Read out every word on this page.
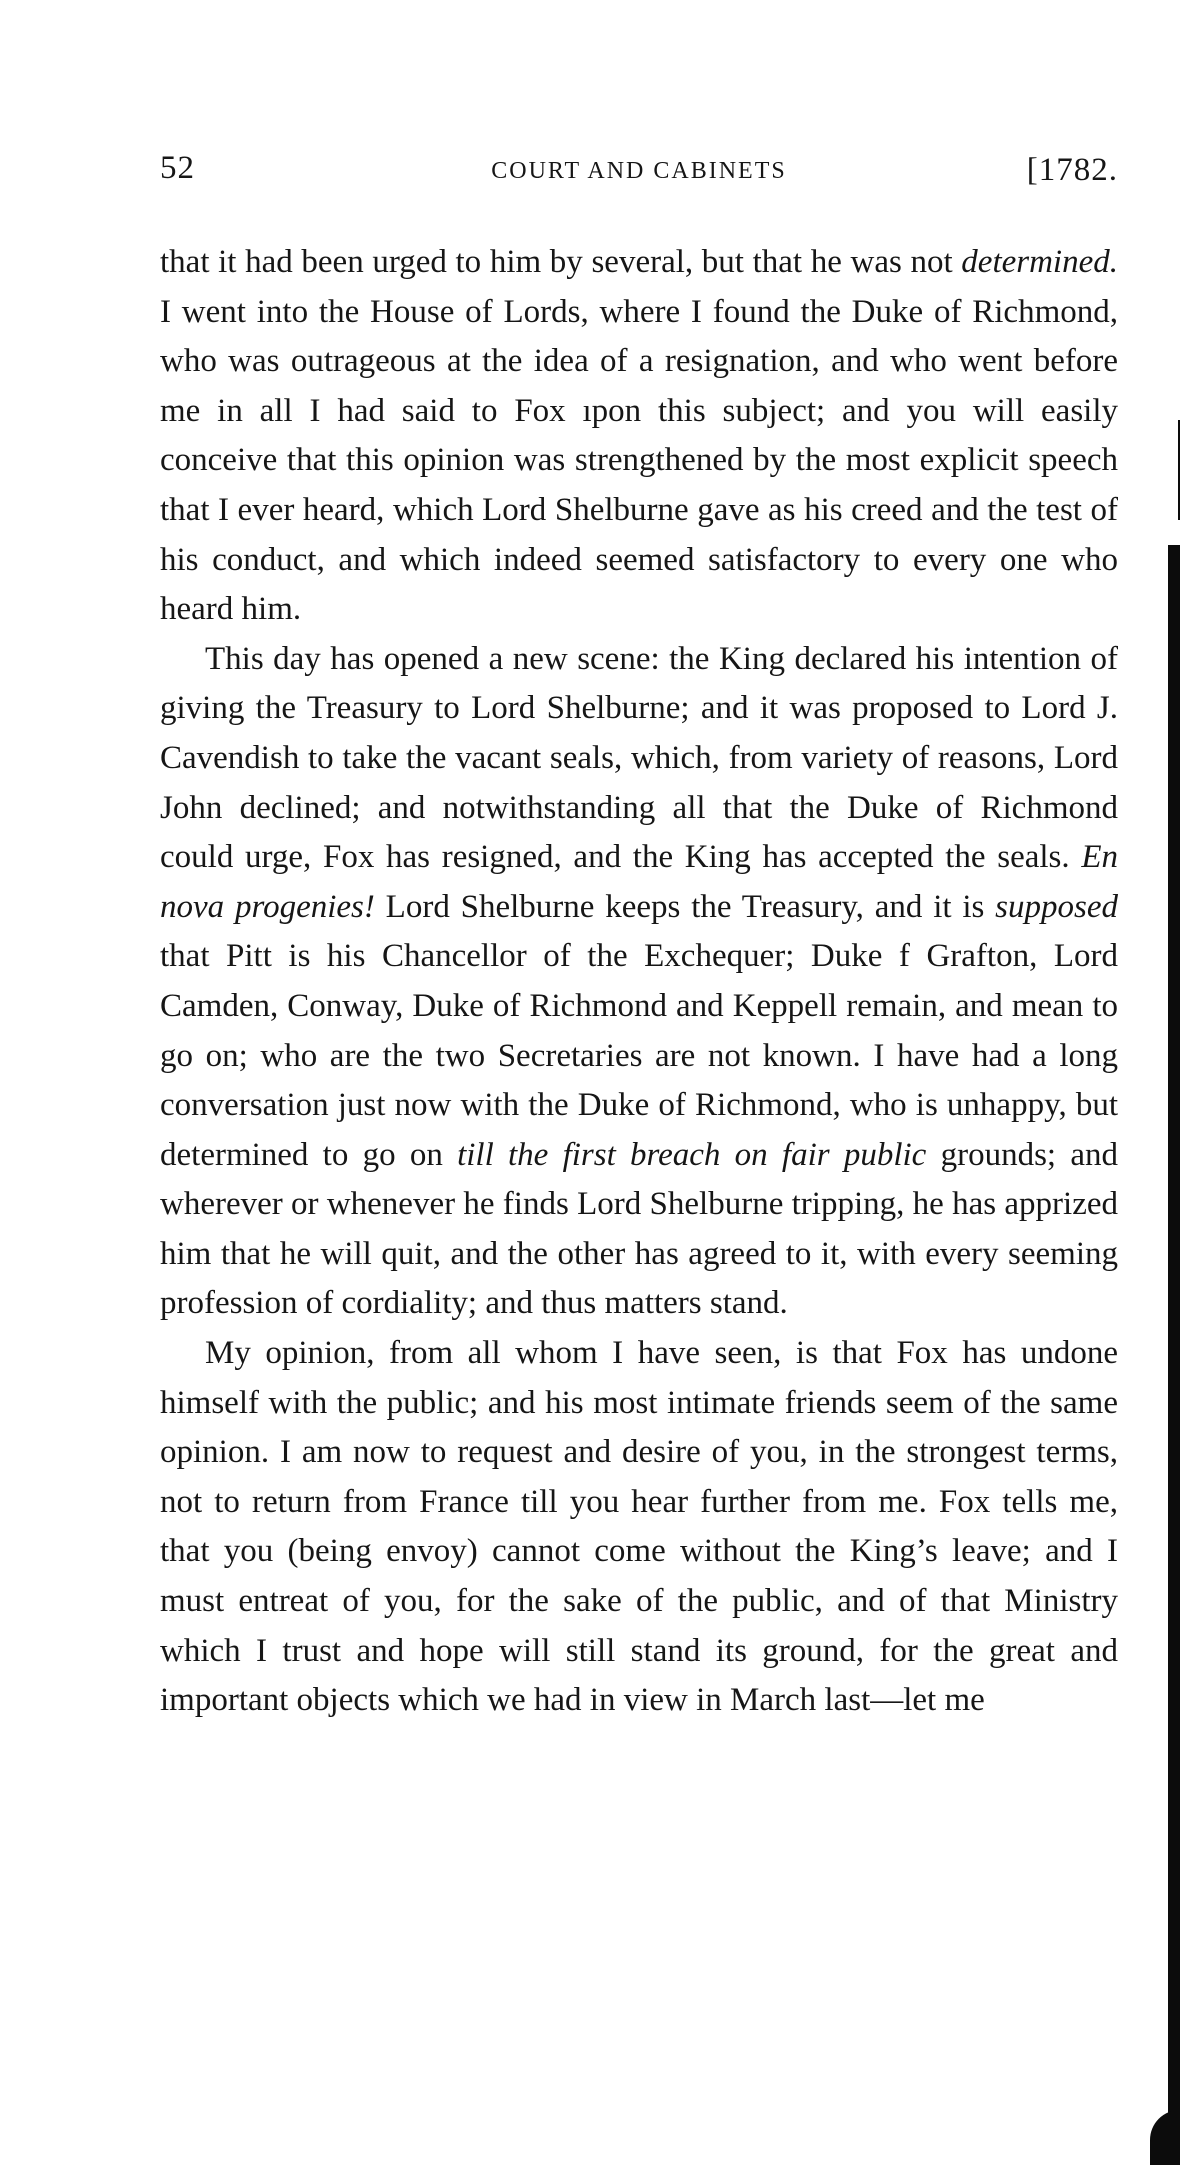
52	COURT AND CABINETS	[1782.

that it had been urged to him by several, but that he was not determined. I went into the House of Lords, where I found the Duke of Richmond, who was outrageous at the idea of a resignation, and who went before me in all I had said to Fox ıpon this subject; and you will easily conceive that this opinion was strengthened by the most explicit speech that I ever heard, which Lord Shelburne gave as his creed and the test of his conduct, and which indeed seemed satisfactory to every one who heard him.

This day has opened a new scene: the King declared his intention of giving the Treasury to Lord Shelburne; and it was proposed to Lord J. Cavendish to take the vacant seals, which, from variety of reasons, Lord John declined; and notwithstanding all that the Duke of Richmond could urge, Fox has resigned, and the King has accepted the seals. En nova progenies! Lord Shelburne keeps the Treasury, and it is supposed that Pitt is his Chancellor of the Exchequer; Duke f Grafton, Lord Camden, Conway, Duke of Richmond and Keppell remain, and mean to go on; who are the two Secretaries are not known. I have had a long conversation just now with the Duke of Richmond, who is unhappy, but determined to go on till the first breach on fair public grounds; and wherever or whenever he finds Lord Shelburne tripping, he has apprized him that he will quit, and the other has agreed to it, with every seeming profession of cordiality; and thus matters stand.

My opinion, from all whom I have seen, is that Fox has undone himself with the public; and his most intimate friends seem of the same opinion. I am now to request and desire of you, in the strongest terms, not to return from France till you hear further from me. Fox tells me, that you (being envoy) cannot come without the King’s leave; and I must entreat of you, for the sake of the public, and of that Ministry which I trust and hope will still stand its ground, for the great and important objects which we had in view in March last—let me
